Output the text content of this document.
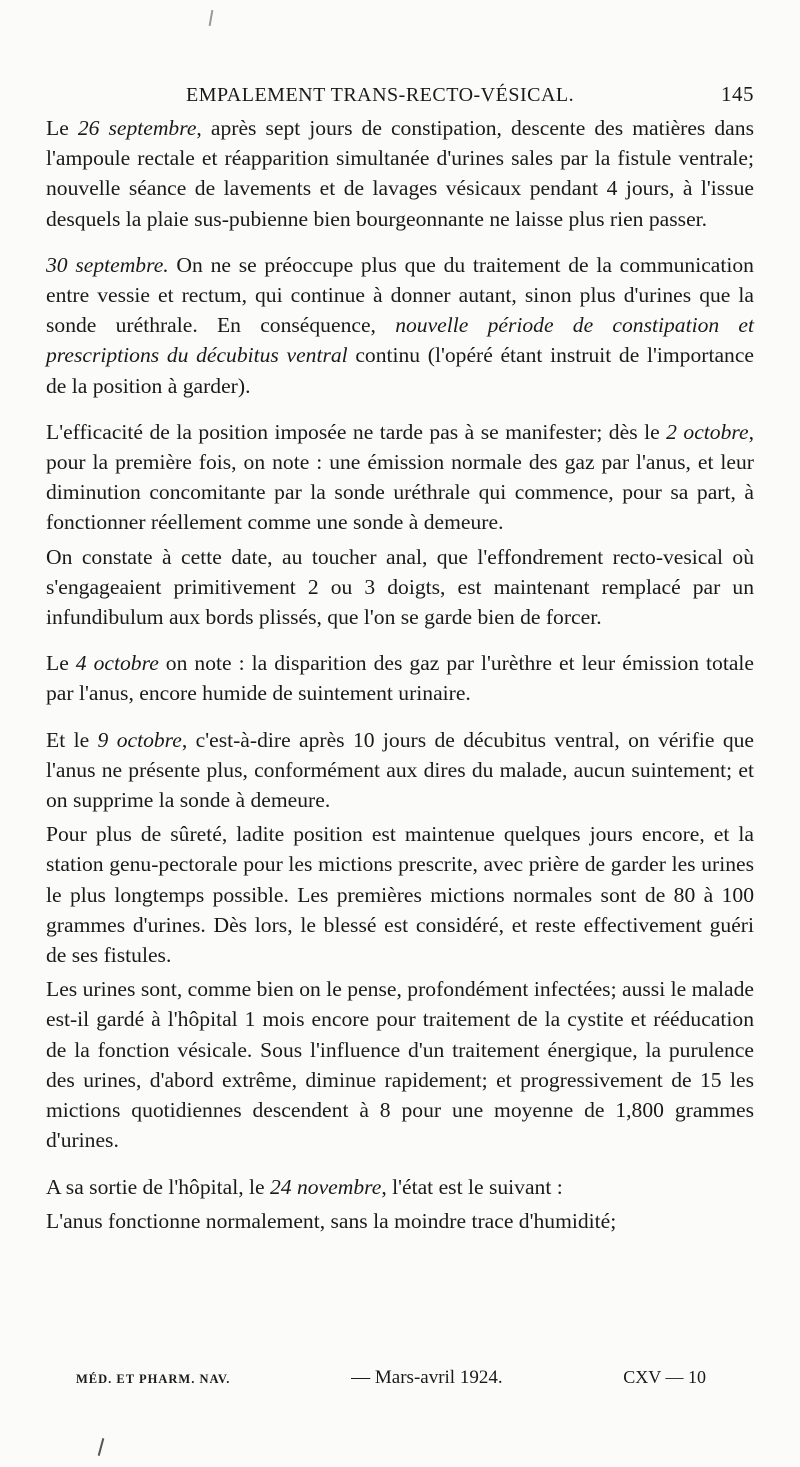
EMPALEMENT TRANS-RECTO-VÉSICAL.	145

Le 26 septembre, après sept jours de constipation, descente des matières dans l'ampoule rectale et réapparition simultanée d'urines sales par la fistule ventrale; nouvelle séance de lavements et de lavages vésicaux pendant 4 jours, à l'issue desquels la plaie sus-pubienne bien bourgeonnante ne laisse plus rien passer.

30 septembre. On ne se préoccupe plus que du traitement de la communication entre vessie et rectum, qui continue à donner autant, sinon plus d'urines que la sonde uréthrale. En conséquence, nouvelle période de constipation et prescriptions du décubitus ventral continu (l'opéré étant instruit de l'importance de la position à garder).

L'efficacité de la position imposée ne tarde pas à se manifester; dès le 2 octobre, pour la première fois, on note : une émission normale des gaz par l'anus, et leur diminution concomitante par la sonde uréthrale qui commence, pour sa part, à fonctionner réellement comme une sonde à demeure.

On constate à cette date, au toucher anal, que l'effondrement recto-vesical où s'engageaient primitivement 2 ou 3 doigts, est maintenant remplacé par un infundibulum aux bords plissés, que l'on se garde bien de forcer.

Le 4 octobre on note : la disparition des gaz par l'urèthre et leur émission totale par l'anus, encore humide de suintement urinaire.

Et le 9 octobre, c'est-à-dire après 10 jours de décubitus ventral, on vérifie que l'anus ne présente plus, conformément aux dires du malade, aucun suintement; et on supprime la sonde à demeure.

Pour plus de sûreté, ladite position est maintenue quelques jours encore, et la station genu-pectorale pour les mictions prescrite, avec prière de garder les urines le plus longtemps possible. Les premières mictions normales sont de 80 à 100 grammes d'urines. Dès lors, le blessé est considéré, et reste effectivement guéri de ses fistules.

Les urines sont, comme bien on le pense, profondément infectées; aussi le malade est-il gardé à l'hôpital 1 mois encore pour traitement de la cystite et rééducation de la fonction vésicale. Sous l'influence d'un traitement énergique, la purulence des urines, d'abord extrême, diminue rapidement; et progressivement de 15 les mictions quotidiennes descendent à 8 pour une moyenne de 1,800 grammes d'urines.

A sa sortie de l'hôpital, le 24 novembre, l'état est le suivant :

L'anus fonctionne normalement, sans la moindre trace d'humidité;

MÉD. ET PHARM. NAV.	— Mars-avril 1924.	CXV — 10
